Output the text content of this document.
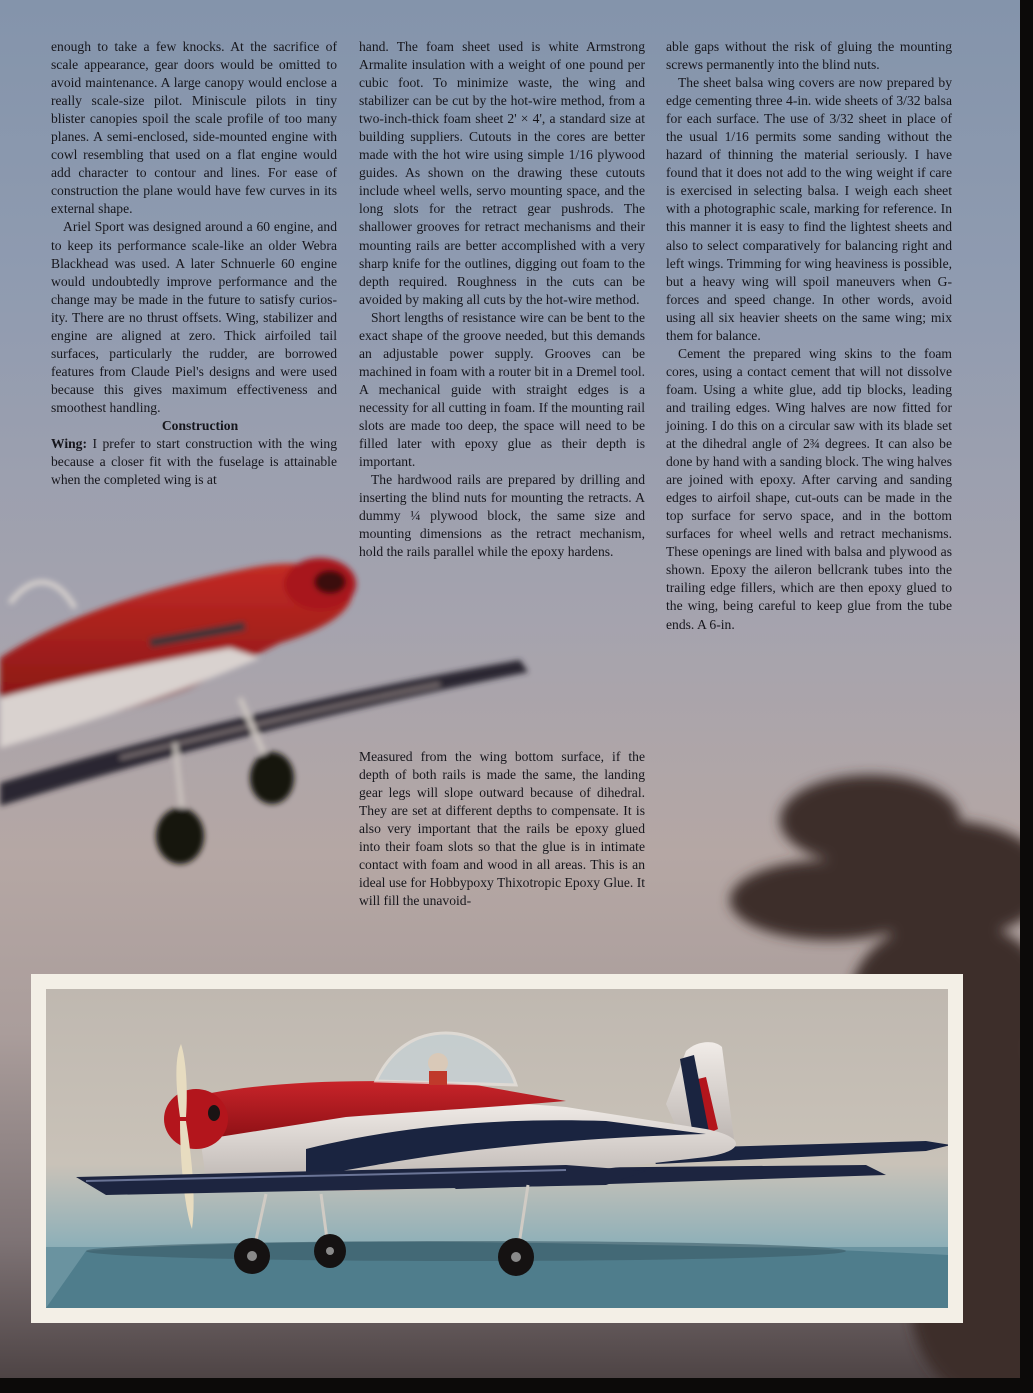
enough to take a few knocks. At the sacrifice of scale appearance, gear doors would be omitted to avoid maintenance. A large canopy would enclose a really scale-size pilot. Miniscule pilots in tiny blister canopies spoil the scale profile of too many planes. A semi-enclosed, side-mounted engine with cowl resembling that used on a flat engine would add character to contour and lines. For ease of construction the plane would have few curves in its external shape.

Ariel Sport was designed around a 60 engine, and to keep its performance scale-like an older Webra Blackhead was used. A later Schnuerle 60 engine would undoubtedly improve performance and the change may be made in the future to satisfy curiosity. There are no thrust offsets. Wing, stabilizer and engine are aligned at zero. Thick airfoiled tail surfaces, particularly the rudder, are borrowed features from Claude Piel's designs and were used because this gives maximum effectiveness and smoothest handling.

Construction

Wing: I prefer to start construction with the wing because a closer fit with the fuselage is attainable when the completed wing is at

hand. The foam sheet used is white Armstrong Armalite insulation with a weight of one pound per cubic foot. To minimize waste, the wing and stabilizer can be cut by the hot-wire method, from a two-inch-thick foam sheet 2' × 4', a standard size at building suppliers. Cutouts in the cores are better made with the hot wire using simple 1/16 plywood guides. As shown on the drawing these cutouts include wheel wells, servo mounting space, and the long slots for the retract gear pushrods. The shallower grooves for retract mechanisms and their mounting rails are better accomplished with a very sharp knife for the outlines, digging out foam to the depth required. Roughness in the cuts can be avoided by making all cuts by the hot-wire method.

Short lengths of resistance wire can be bent to the exact shape of the groove needed, but this demands an adjustable power supply. Grooves can be machined in foam with a router bit in a Dremel tool. A mechanical guide with straight edges is a necessity for all cutting in foam. If the mounting rail slots are made too deep, the space will need to be filled later with epoxy glue as their depth is important.

The hardwood rails are prepared by drilling and inserting the blind nuts for mounting the retracts. A dummy ¼ plywood block, the same size and mounting dimensions as the retract mechanism, hold the rails parallel while the epoxy hardens.

Measured from the wing bottom surface, if the depth of both rails is made the same, the landing gear legs will slope outward because of dihedral. They are set at different depths to compensate. It is also very important that the rails be epoxy glued into their foam slots so that the glue is in intimate contact with foam and wood in all areas. This is an ideal use for Hobbypoxy Thixotropic Epoxy Glue. It will fill the unavoid-

able gaps without the risk of gluing the mounting screws permanently into the blind nuts.

The sheet balsa wing covers are now prepared by edge cementing three 4-in. wide sheets of 3/32 balsa for each surface. The use of 3/32 sheet in place of the usual 1/16 permits some sanding without the hazard of thinning the material seriously. I have found that it does not add to the wing weight if care is exercised in selecting balsa. I weigh each sheet with a photographic scale, marking for reference. In this manner it is easy to find the lightest sheets and also to select comparatively for balancing right and left wings. Trimming for wing heaviness is possible, but a heavy wing will spoil maneuvers when G-forces and speed change. In other words, avoid using all six heavier sheets on the same wing; mix them for balance.

Cement the prepared wing skins to the foam cores, using a contact cement that will not dissolve foam. Using a white glue, add tip blocks, leading and trailing edges. Wing halves are now fitted for joining. I do this on a circular saw with its blade set at the dihedral angle of 2¾ degrees. It can also be done by hand with a sanding block. The wing halves are joined with epoxy. After carving and sanding edges to airfoil shape, cut-outs can be made in the top surface for servo space, and in the bottom surfaces for wheel wells and retract mechanisms. These openings are lined with balsa and plywood as shown. Epoxy the aileron bellcrank tubes into the trailing edge fillers, which are then epoxy glued to the wing, being careful to keep glue from the tube ends. A 6-in.
